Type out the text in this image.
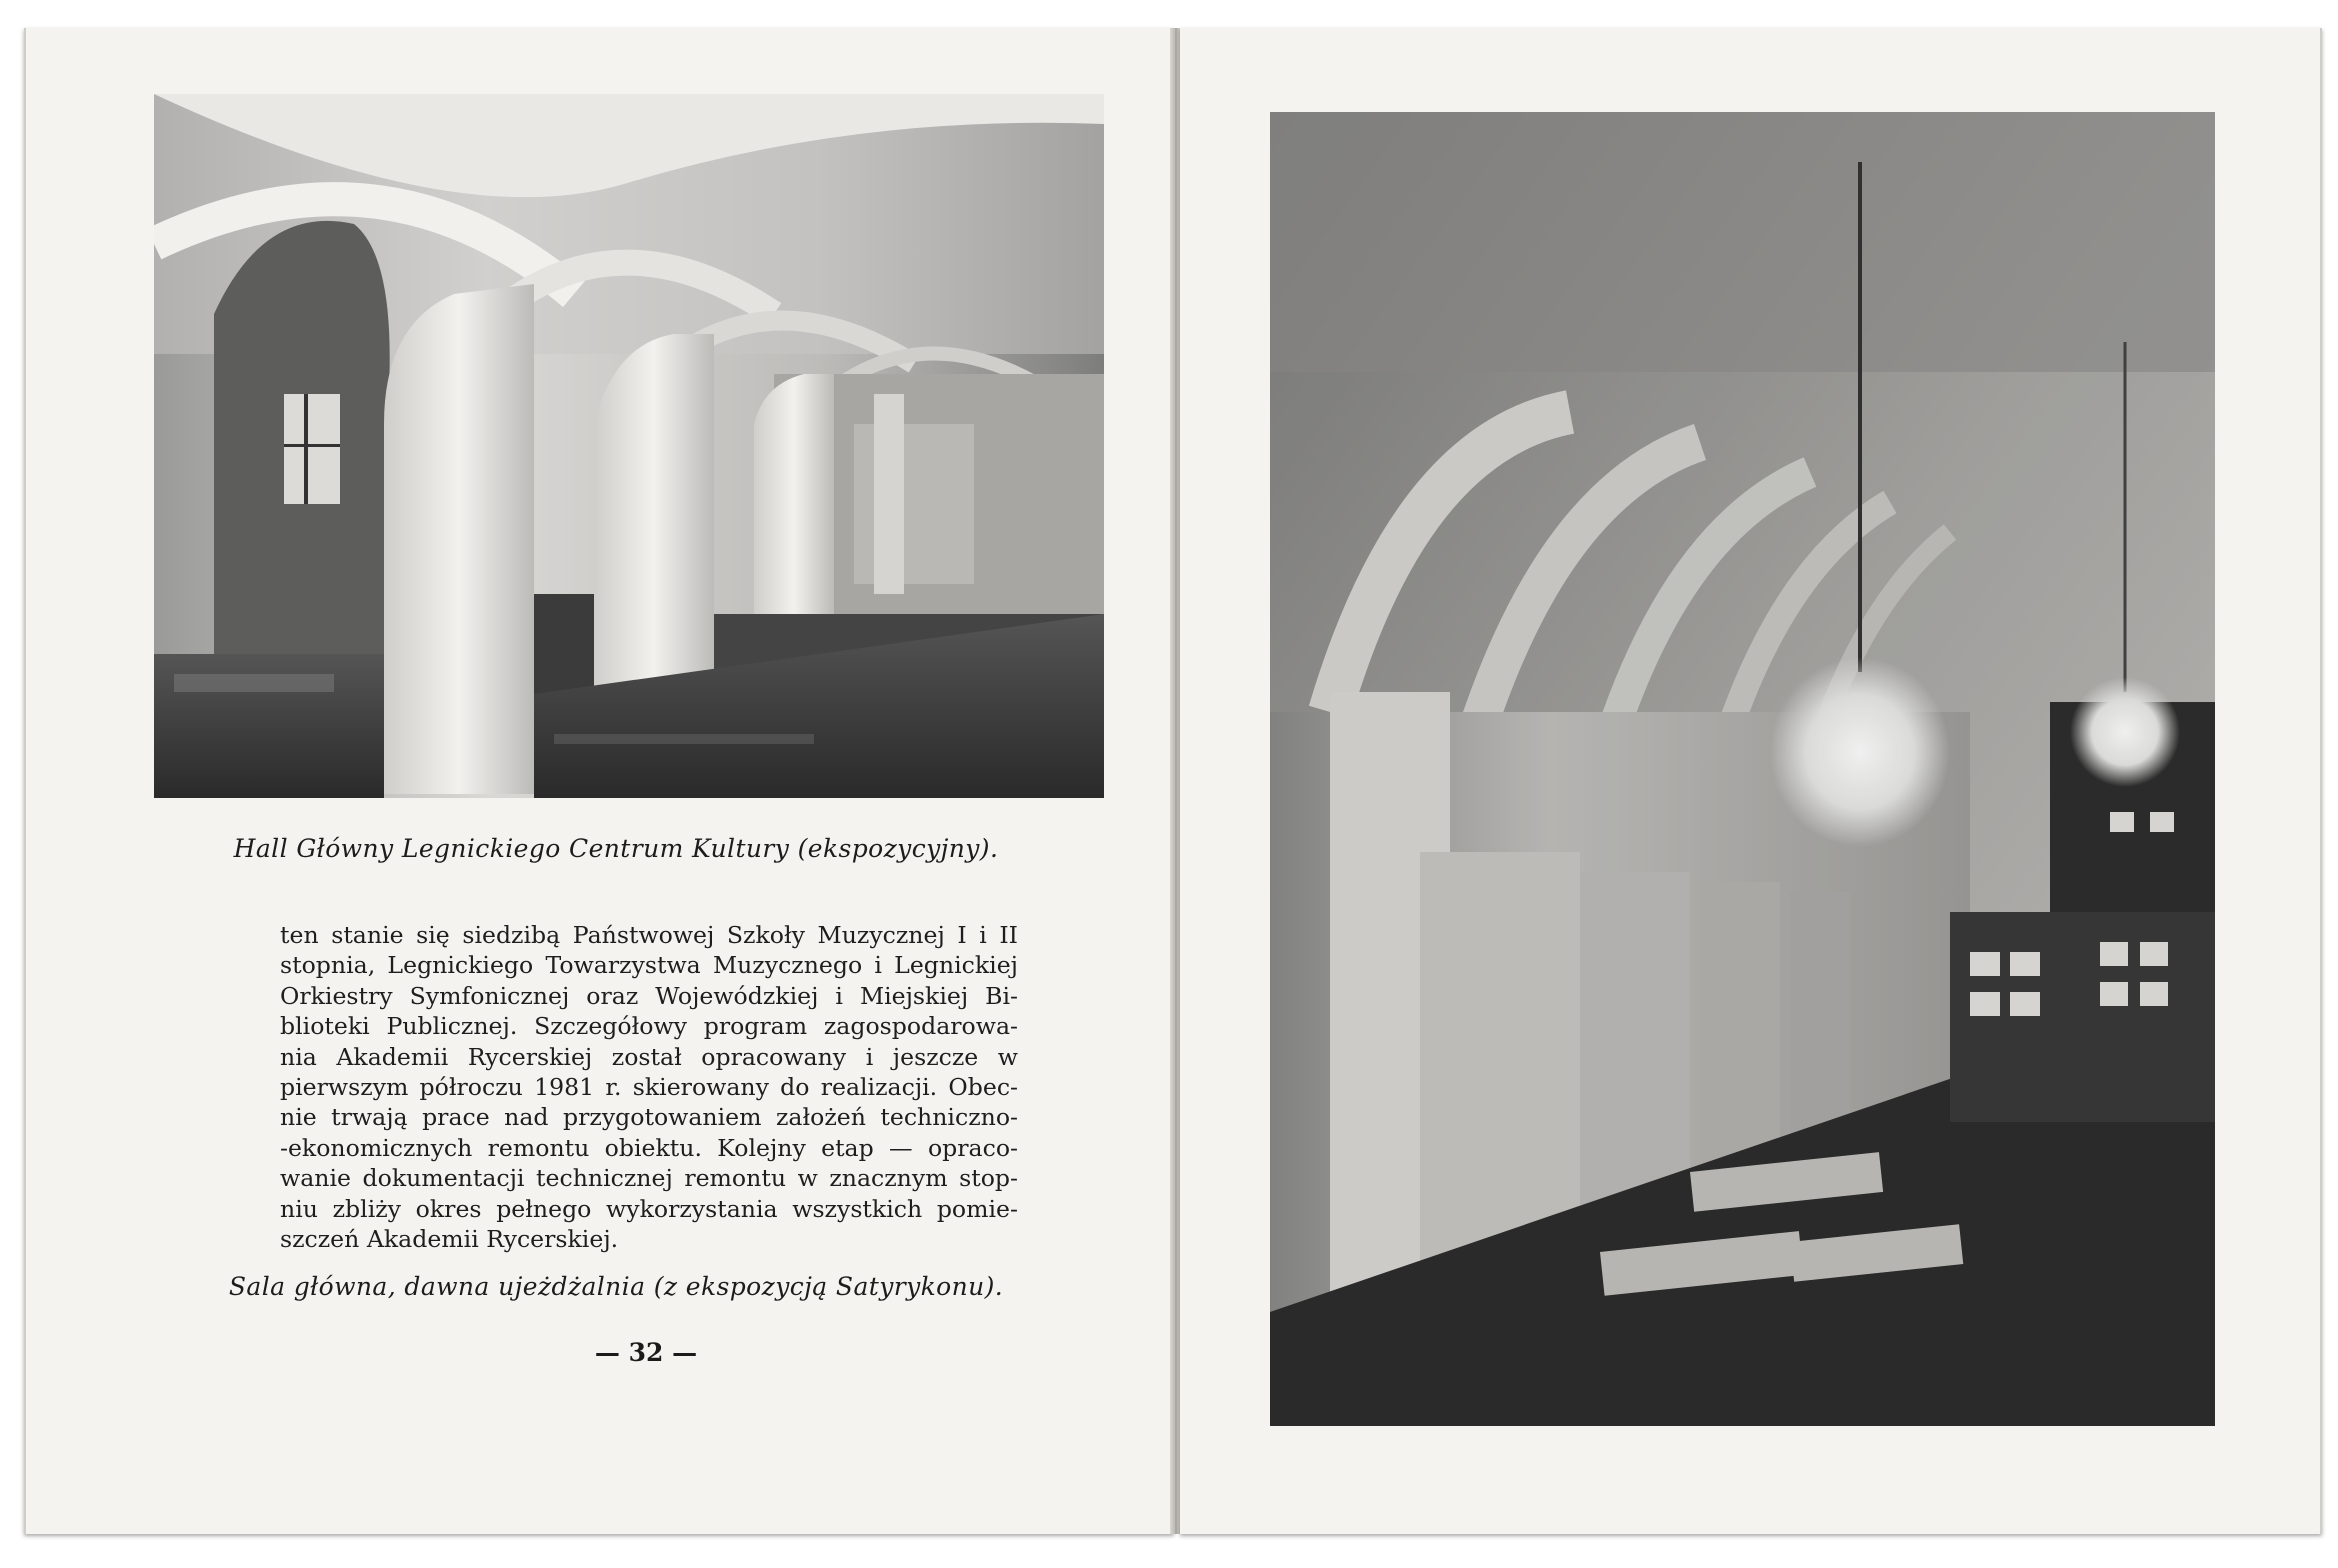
Hall Główny Legnickiego Centrum Kultury (ekspozycyjny).
ten stanie się siedzibą Państwowej Szkoły Muzycznej I i II
stopnia, Legnickiego Towarzystwa Muzycznego i Legnickiej
Orkiestry Symfonicznej oraz Wojewódzkiej i Miejskiej Bi-
blioteki Publicznej. Szczegółowy program zagospodarowa-
nia Akademii Rycerskiej został opracowany i jeszcze w
pierwszym półroczu 1981 r. skierowany do realizacji. Obec-
nie trwają prace nad przygotowaniem założeń techniczno-
-ekonomicznych remontu obiektu. Kolejny etap — opraco-
wanie dokumentacji technicznej remontu w znacznym stop-
niu zbliży okres pełnego wykorzystania wszystkich pomie-
szczeń Akademii Rycerskiej.
Sala główna, dawna ujeżdżalnia (z ekspozycją Satyrykonu).
— 32 —
